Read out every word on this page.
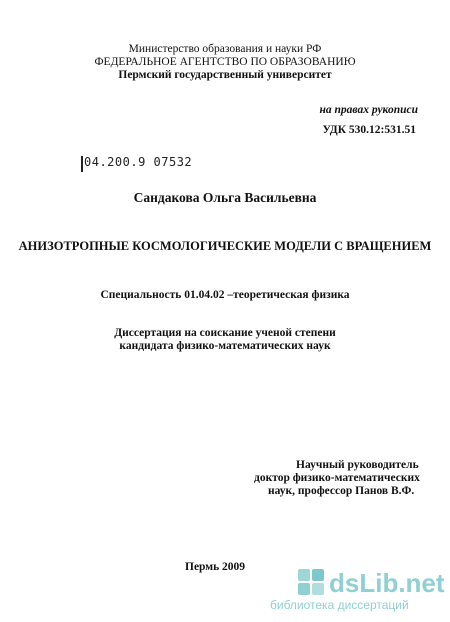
Министерство образования и науки РФ
ФЕДЕРАЛЬНОЕ АГЕНТСТВО ПО ОБРАЗОВАНИЮ
Пермский государственный университет
на правах рукописи
УДК 530.12:531.51
04.200.9 07532
Сандакова Ольга Васильевна
АНИЗОТРОПНЫЕ КОСМОЛОГИЧЕСКИЕ МОДЕЛИ С ВРАЩЕНИЕМ
Специальность 01.04.02 –теоретическая физика
Диссертация на соискание ученой степени
кандидата физико-математических наук
Научный руководитель
доктор физико-математических
наук, профессор Панов В.Ф.
Пермь 2009
dsLib.net
библиотека диссертаций
